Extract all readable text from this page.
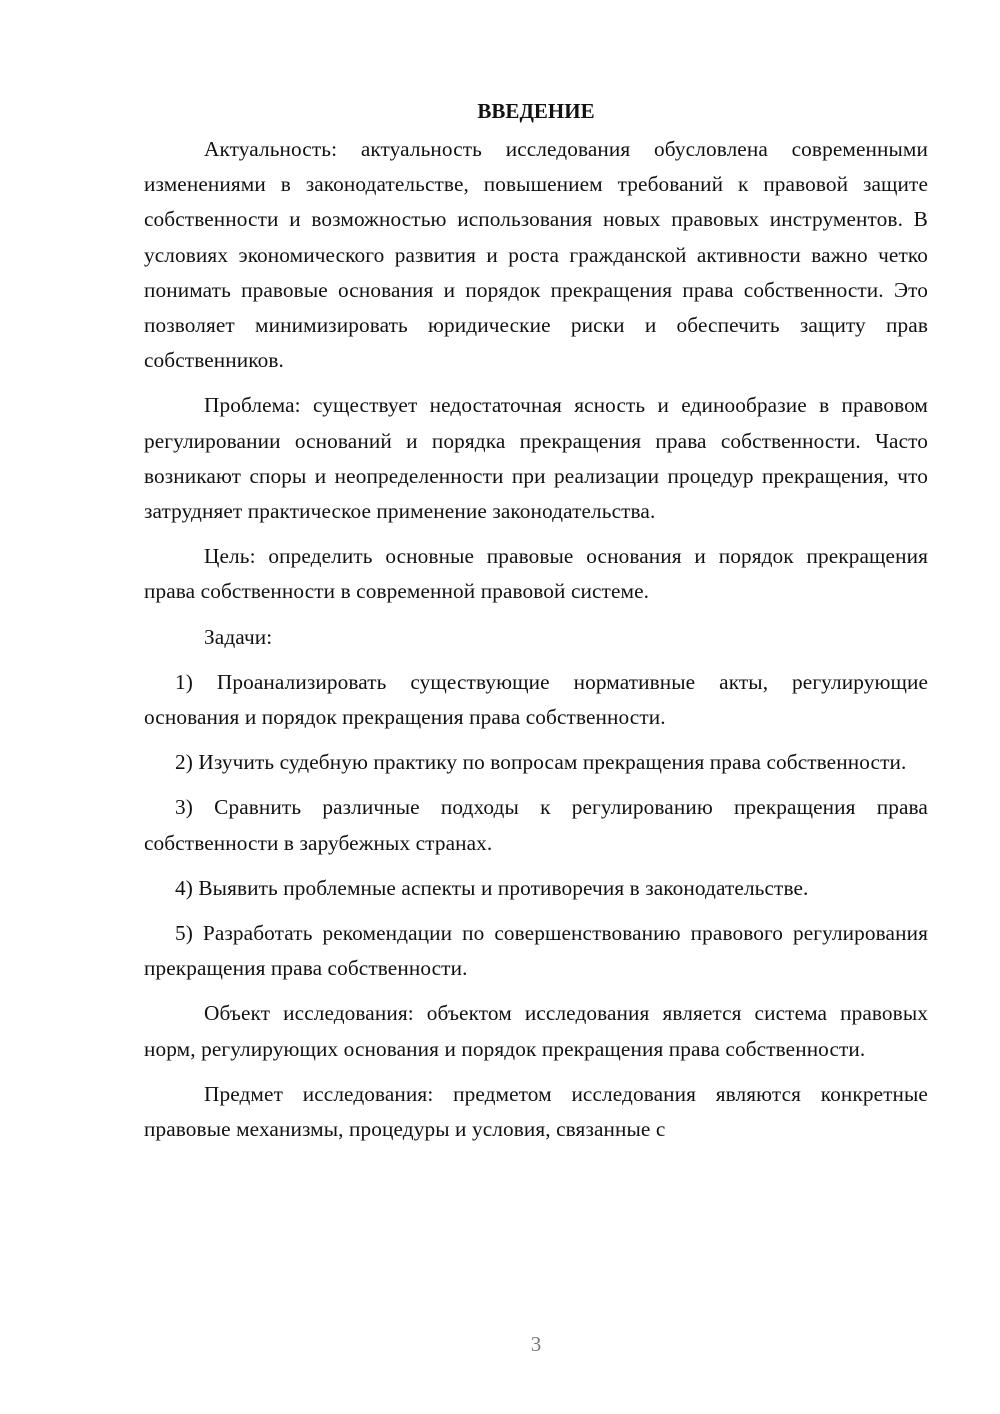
ВВЕДЕНИЕ

Актуальность: актуальность исследования обусловлена современными изменениями в законодательстве, повышением требований к правовой защите собственности и возможностью использования новых правовых инструментов. В условиях экономического развития и роста гражданской активности важно четко понимать правовые основания и порядок прекращения права собственности. Это позволяет минимизировать юридические риски и обеспечить защиту прав собственников.

Проблема: существует недостаточная ясность и единообразие в правовом регулировании оснований и порядка прекращения права собственности. Часто возникают споры и неопределенности при реализации процедур прекращения, что затрудняет практическое применение законодательства.

Цель: определить основные правовые основания и порядок прекращения права собственности в современной правовой системе.

Задачи:

1) Проанализировать существующие нормативные акты, регулирующие основания и порядок прекращения права собственности.

2) Изучить судебную практику по вопросам прекращения права собственности.

3) Сравнить различные подходы к регулированию прекращения права собственности в зарубежных странах.

4) Выявить проблемные аспекты и противоречия в законодательстве.

5) Разработать рекомендации по совершенствованию правового регулирования прекращения права собственности.

Объект исследования: объектом исследования является система правовых норм, регулирующих основания и порядок прекращения права собственности.

Предмет исследования: предметом исследования являются конкретные правовые механизмы, процедуры и условия, связанные с

3
